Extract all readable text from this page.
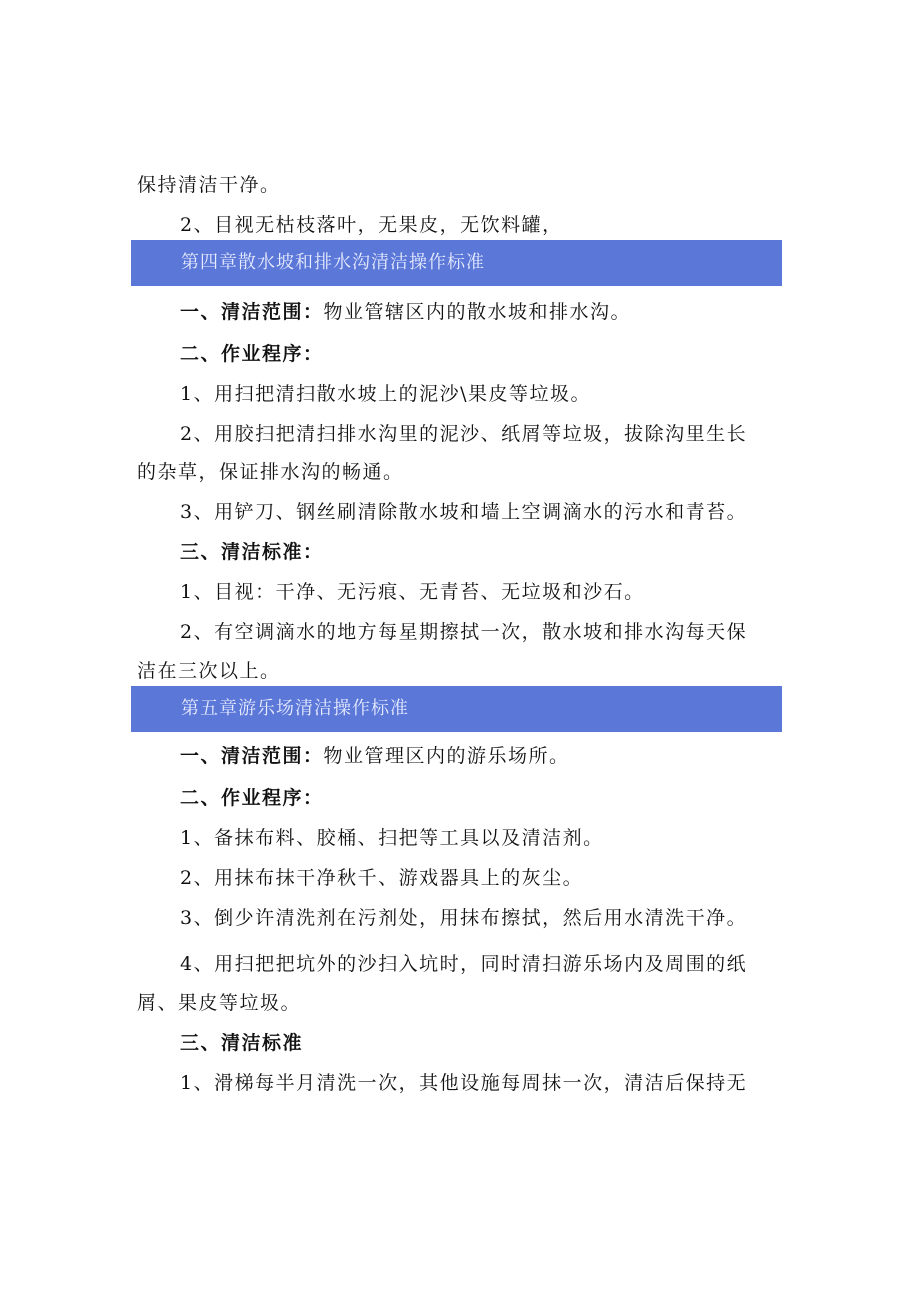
保持清洁干净。
2、目视无枯枝落叶，无果皮，无饮料罐，
第四章散水坡和排水沟清洁操作标准
一、清洁范围：物业管辖区内的散水坡和排水沟。
二、作业程序：
1、用扫把清扫散水坡上的泥沙\果皮等垃圾。
2、用胶扫把清扫排水沟里的泥沙、纸屑等垃圾，拔除沟里生长
的杂草，保证排水沟的畅通。
3、用铲刀、钢丝刷清除散水坡和墙上空调滴水的污水和青苔。
三、清洁标准：
1、目视：干净、无污痕、无青苔、无垃圾和沙石。
2、有空调滴水的地方每星期擦拭一次，散水坡和排水沟每天保
洁在三次以上。
第五章游乐场清洁操作标准
一、清洁范围：物业管理区内的游乐场所。
二、作业程序：
1、备抹布料、胶桶、扫把等工具以及清洁剂。
2、用抹布抹干净秋千、游戏器具上的灰尘。
3、倒少许清洗剂在污剂处，用抹布擦拭，然后用水清洗干净。
4、用扫把把坑外的沙扫入坑时，同时清扫游乐场内及周围的纸
屑、果皮等垃圾。
三、清洁标准
1、滑梯每半月清洗一次，其他设施每周抹一次，清洁后保持无
